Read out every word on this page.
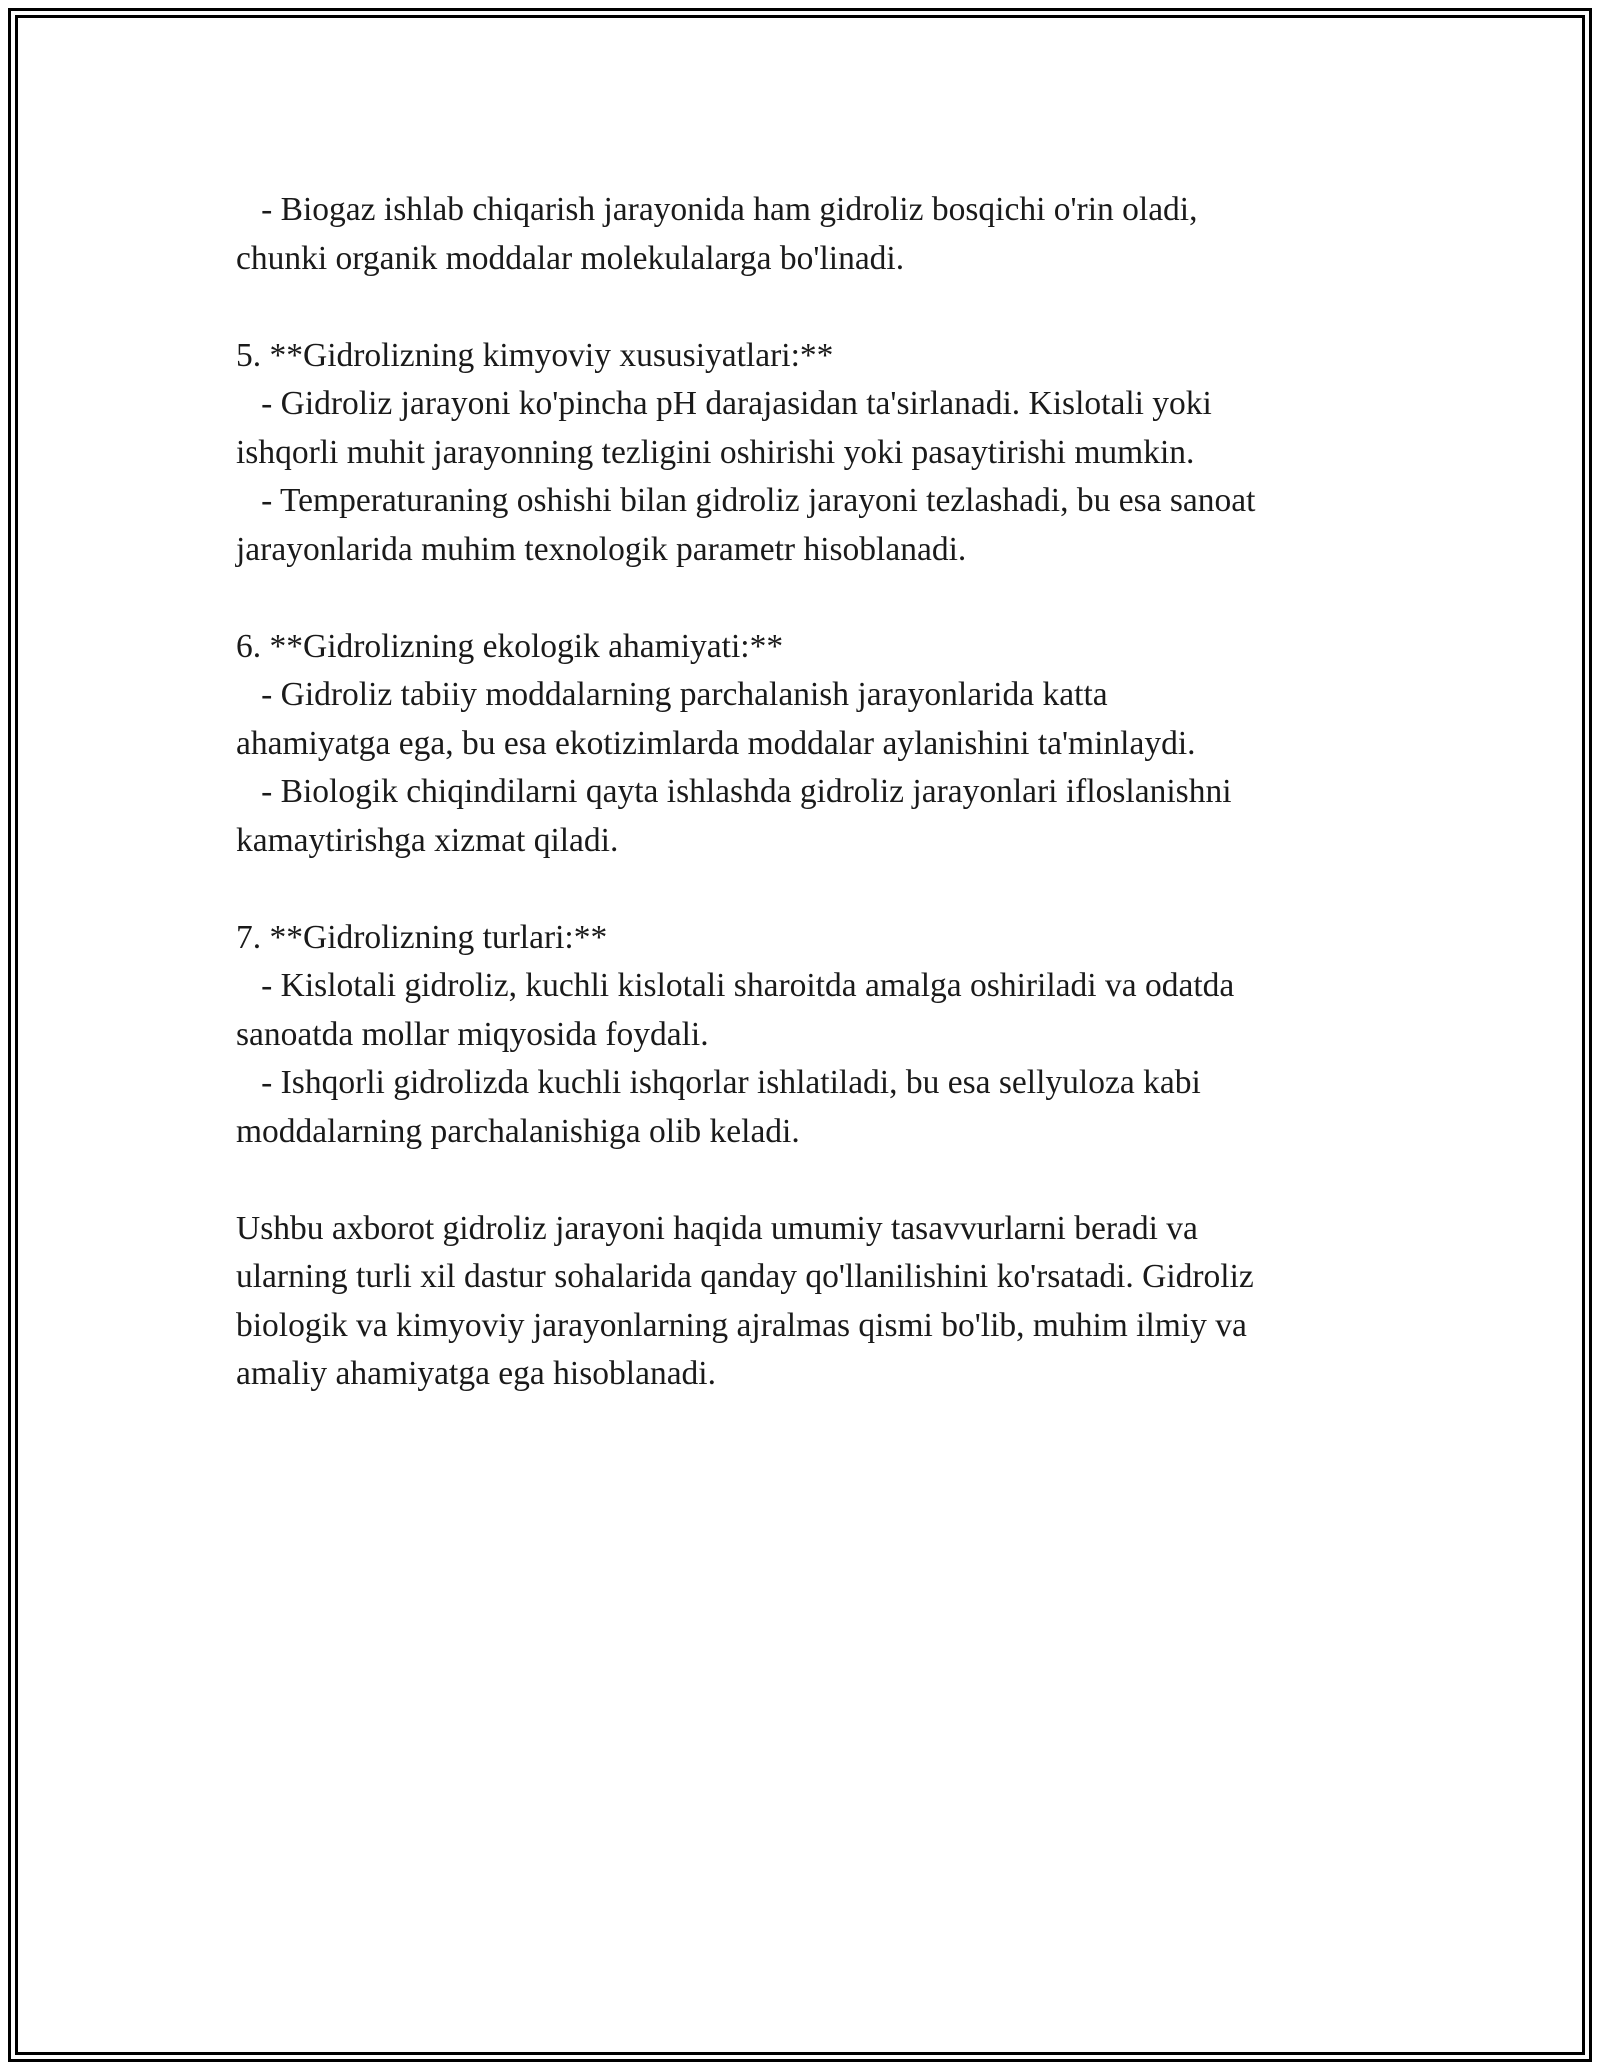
- Biogaz ishlab chiqarish jarayonida ham gidroliz bosqichi o'rin oladi,
chunki organik moddalar molekulalarga bo'linadi.
5. **Gidrolizning kimyoviy xususiyatlari:**
- Gidroliz jarayoni ko'pincha pH darajasidan ta'sirlanadi. Kislotali yoki
ishqorli muhit jarayonning tezligini oshirishi yoki pasaytirishi mumkin.
- Temperaturaning oshishi bilan gidroliz jarayoni tezlashadi, bu esa sanoat
jarayonlarida muhim texnologik parametr hisoblanadi.
6. **Gidrolizning ekologik ahamiyati:**
- Gidroliz tabiiy moddalarning parchalanish jarayonlarida katta
ahamiyatga ega, bu esa ekotizimlarda moddalar aylanishini ta'minlaydi.
- Biologik chiqindilarni qayta ishlashda gidroliz jarayonlari ifloslanishni
kamaytirishga xizmat qiladi.
7. **Gidrolizning turlari:**
- Kislotali gidroliz, kuchli kislotali sharoitda amalga oshiriladi va odatda
sanoatda mollar miqyosida foydali.
- Ishqorli gidrolizda kuchli ishqorlar ishlatiladi, bu esa sellyuloza kabi
moddalarning parchalanishiga olib keladi.
Ushbu axborot gidroliz jarayoni haqida umumiy tasavvurlarni beradi va
ularning turli xil dastur sohalarida qanday qo'llanilishini ko'rsatadi. Gidroliz
biologik va kimyoviy jarayonlarning ajralmas qismi bo'lib, muhim ilmiy va
amaliy ahamiyatga ega hisoblanadi.
